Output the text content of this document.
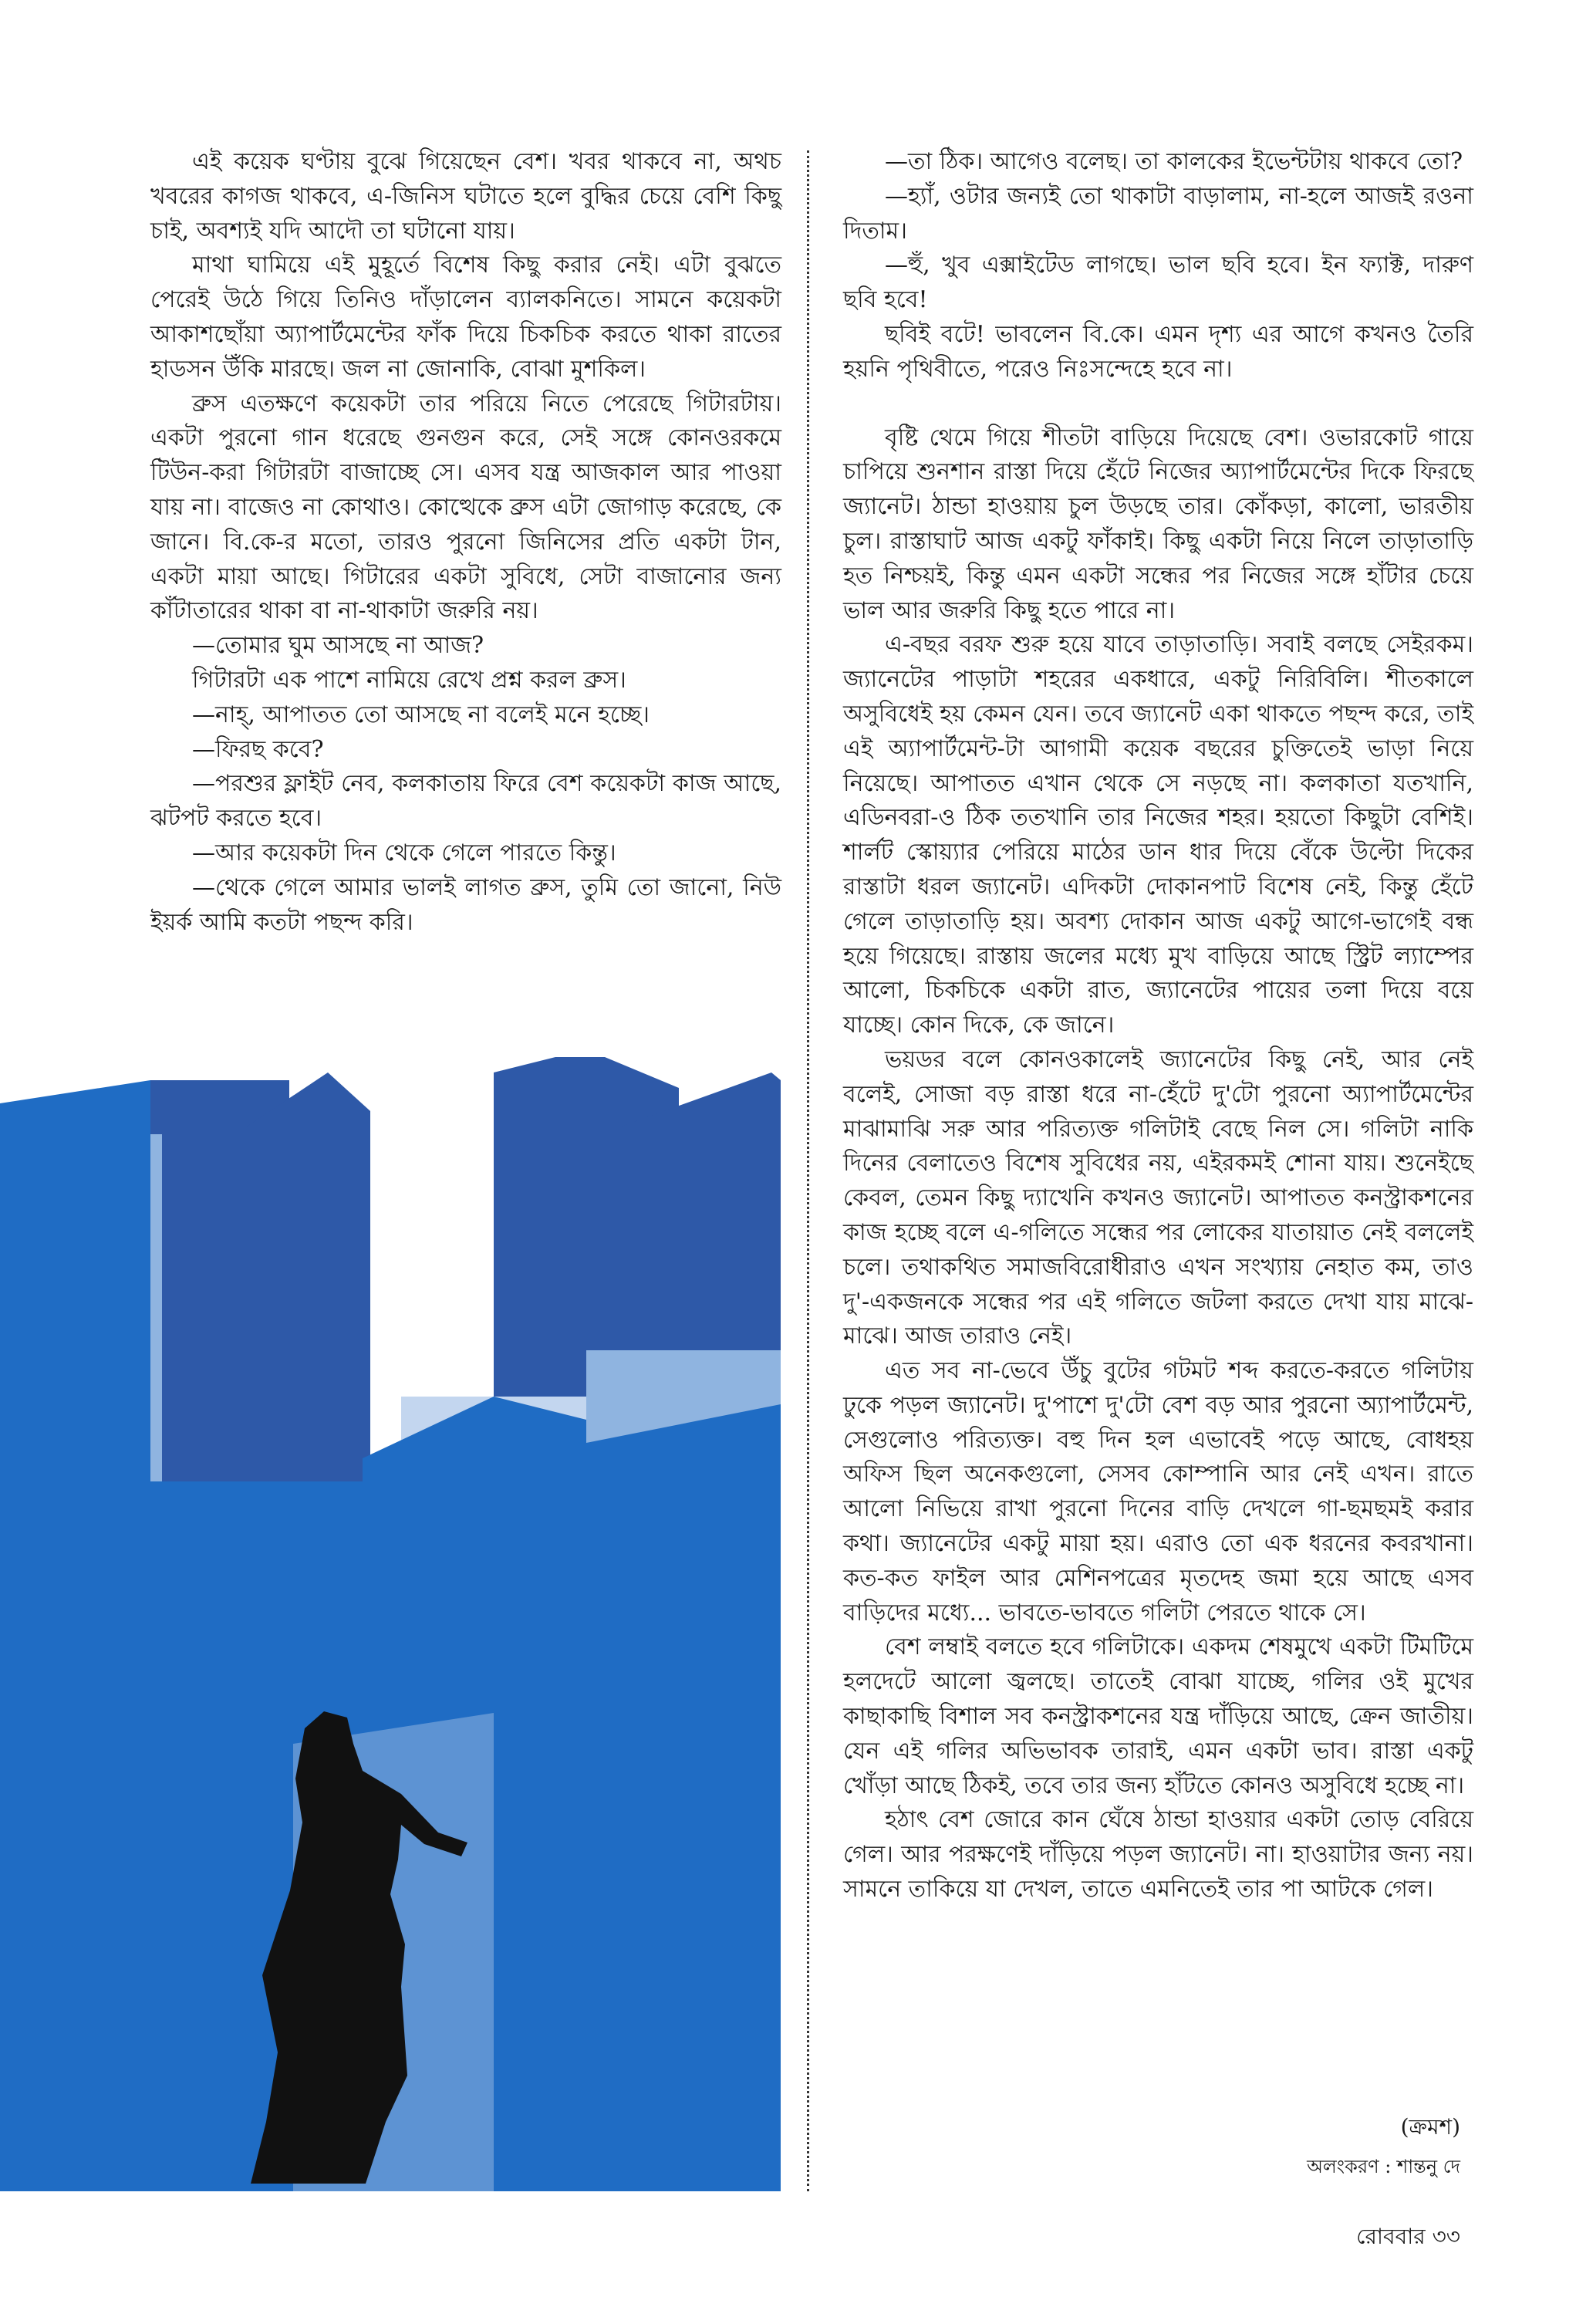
এই কয়েক ঘণ্টায় বুঝে গিয়েছেন বেশ। খবর থাকবে না, অথচ খবরের কাগজ থাকবে, এ-জিনিস ঘটাতে হলে বুদ্ধির চেয়ে বেশি কিছু চাই, অবশ্যই যদি আদৌ তা ঘটানো যায়।

মাথা ঘামিয়ে এই মুহূর্তে বিশেষ কিছু করার নেই। এটা বুঝতে পেরেই উঠে গিয়ে তিনিও দাঁড়ালেন ব্যালকনিতে। সামনে কয়েকটা আকাশছোঁয়া অ্যাপার্টমেন্টের ফাঁক দিয়ে চিকচিক করতে থাকা রাতের হাডসন উঁকি মারছে। জল না জোনাকি, বোঝা মুশকিল।

ব্রুস এতক্ষণে কয়েকটা তার পরিয়ে নিতে পেরেছে গিটারটায়। একটা পুরনো গান ধরেছে গুনগুন করে, সেই সঙ্গে কোনওরকমে টিউন-করা গিটারটা বাজাচ্ছে সে। এসব যন্ত্র আজকাল আর পাওয়া যায় না। বাজেও না কোথাও। কোত্থেকে ব্রুস এটা জোগাড় করেছে, কে জানে। বি.কে-র মতো, তারও পুরনো জিনিসের প্রতি একটা টান, একটা মায়া আছে। গিটারের একটা সুবিধে, সেটা বাজানোর জন্য কাঁটাতারের থাকা বা না-থাকাটা জরুরি নয়।

—তোমার ঘুম আসছে না আজ?

গিটারটা এক পাশে নামিয়ে রেখে প্রশ্ন করল ব্রুস।

—নাহ্, আপাতত তো আসছে না বলেই মনে হচ্ছে।

—ফিরছ কবে?

—পরশুর ফ্লাইট নেব, কলকাতায় ফিরে বেশ কয়েকটা কাজ আছে, ঝটপট করতে হবে।

—আর কয়েকটা দিন থেকে গেলে পারতে কিন্তু।

—থেকে গেলে আমার ভালই লাগত ব্রুস, তুমি তো জানো, নিউ ইয়র্ক আমি কতটা পছন্দ করি।

—তা ঠিক। আগেও বলেছ। তা কালকের ইভেন্টটায় থাকবে তো?

—হ্যাঁ, ওটার জন্যই তো থাকাটা বাড়ালাম, না-হলে আজই রওনা দিতাম।

—হুঁ, খুব এক্সাইটেড লাগছে। ভাল ছবি হবে। ইন ফ্যাক্ট, দারুণ ছবি হবে!

ছবিই বটে! ভাবলেন বি.কে। এমন দৃশ্য এর আগে কখনও তৈরি হয়নি পৃথিবীতে, পরেও নিঃসন্দেহে হবে না।

বৃষ্টি থেমে গিয়ে শীতটা বাড়িয়ে দিয়েছে বেশ। ওভারকোট গায়ে চাপিয়ে শুনশান রাস্তা দিয়ে হেঁটে নিজের অ্যাপার্টমেন্টের দিকে ফিরছে জ্যানেট। ঠান্ডা হাওয়ায় চুল উড়ছে তার। কোঁকড়া, কালো, ভারতীয় চুল। রাস্তাঘাট আজ একটু ফাঁকাই। কিছু একটা নিয়ে নিলে তাড়াতাড়ি হত নিশ্চয়ই, কিন্তু এমন একটা সন্ধের পর নিজের সঙ্গে হাঁটার চেয়ে ভাল আর জরুরি কিছু হতে পারে না।

এ-বছর বরফ শুরু হয়ে যাবে তাড়াতাড়ি। সবাই বলছে সেইরকম। জ্যানেটের পাড়াটা শহরের একধারে, একটু নিরিবিলি। শীতকালে অসুবিধেই হয় কেমন যেন। তবে জ্যানেট একা থাকতে পছন্দ করে, তাই এই অ্যাপার্টমেন্ট-টা আগামী কয়েক বছরের চুক্তিতেই ভাড়া নিয়ে নিয়েছে। আপাতত এখান থেকে সে নড়ছে না। কলকাতা যতখানি, এডিনবরা-ও ঠিক ততখানি তার নিজের শহর। হয়তো কিছুটা বেশিই। শার্লট স্কোয়্যার পেরিয়ে মাঠের ডান ধার দিয়ে বেঁকে উল্টো দিকের রাস্তাটা ধরল জ্যানেট। এদিকটা দোকানপাট বিশেষ নেই, কিন্তু হেঁটে গেলে তাড়াতাড়ি হয়। অবশ্য দোকান আজ একটু আগে-ভাগেই বন্ধ হয়ে গিয়েছে। রাস্তায় জলের মধ্যে মুখ বাড়িয়ে আছে স্ট্রিট ল্যাম্পের আলো, চিকচিকে একটা রাত, জ্যানেটের পায়ের তলা দিয়ে বয়ে যাচ্ছে। কোন দিকে, কে জানে।

ভয়ডর বলে কোনওকালেই জ্যানেটের কিছু নেই, আর নেই বলেই, সোজা বড় রাস্তা ধরে না-হেঁটে দু'টো পুরনো অ্যাপার্টমেন্টের মাঝামাঝি সরু আর পরিত্যক্ত গলিটাই বেছে নিল সে। গলিটা নাকি দিনের বেলাতেও বিশেষ সুবিধের নয়, এইরকমই শোনা যায়। শুনেইছে কেবল, তেমন কিছু দ্যাখেনি কখনও জ্যানেট। আপাতত কনস্ট্রাকশনের কাজ হচ্ছে বলে এ-গলিতে সন্ধের পর লোকের যাতায়াত নেই বললেই চলে। তথাকথিত সমাজবিরোধীরাও এখন সংখ্যায় নেহাত কম, তাও দু'-একজনকে সন্ধের পর এই গলিতে জটলা করতে দেখা যায় মাঝে-মাঝে। আজ তারাও নেই।

এত সব না-ভেবে উঁচু বুটের গটমট শব্দ করতে-করতে গলিটায় ঢুকে পড়ল জ্যানেট। দু'পাশে দু'টো বেশ বড় আর পুরনো অ্যাপার্টমেন্ট, সেগুলোও পরিত্যক্ত। বহু দিন হল এভাবেই পড়ে আছে, বোধহয় অফিস ছিল অনেকগুলো, সেসব কোম্পানি আর নেই এখন। রাতে আলো নিভিয়ে রাখা পুরনো দিনের বাড়ি দেখলে গা-ছমছমই করার কথা। জ্যানেটের একটু মায়া হয়। এরাও তো এক ধরনের কবরখানা। কত-কত ফাইল আর মেশিনপত্রের মৃতদেহ জমা হয়ে আছে এসব বাড়িদের মধ্যে... ভাবতে-ভাবতে গলিটা পেরতে থাকে সে।

বেশ লম্বাই বলতে হবে গলিটাকে। একদম শেষমুখে একটা টিমটিমে হলদেটে আলো জ্বলছে। তাতেই বোঝা যাচ্ছে, গলির ওই মুখের কাছাকাছি বিশাল সব কনস্ট্রাকশনের যন্ত্র দাঁড়িয়ে আছে, ক্রেন জাতীয়। যেন এই গলির অভিভাবক তারাই, এমন একটা ভাব। রাস্তা একটু খোঁড়া আছে ঠিকই, তবে তার জন্য হাঁটতে কোনও অসুবিধে হচ্ছে না।

হঠাৎ বেশ জোরে কান ঘেঁষে ঠান্ডা হাওয়ার একটা তোড় বেরিয়ে গেল। আর পরক্ষণেই দাঁড়িয়ে পড়ল জ্যানেট। না। হাওয়াটার জন্য নয়। সামনে তাকিয়ে যা দেখল, তাতে এমনিতেই তার পা আটকে গেল।

(ক্রমশ)
অলংকরণ : শান্তনু দে
রোববার ৩৩
